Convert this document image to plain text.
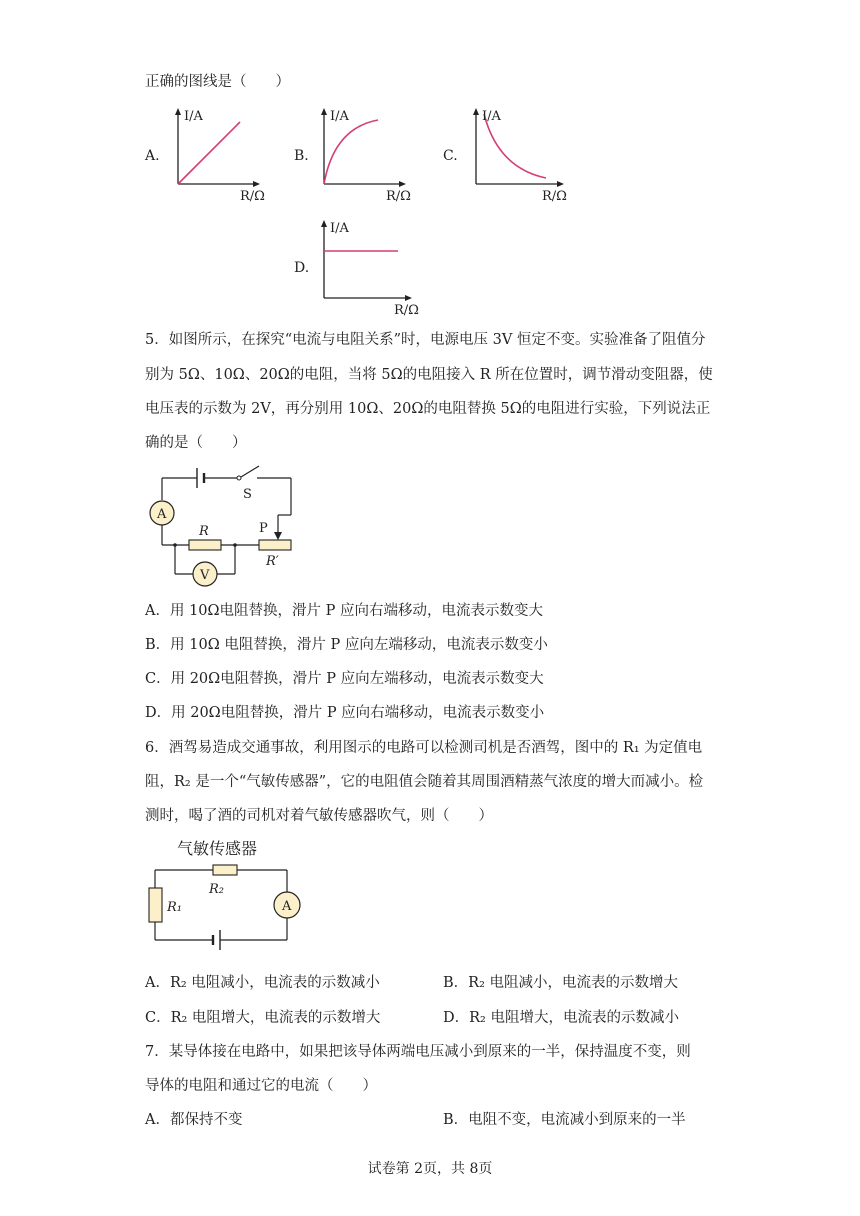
正确的图线是（　　）
A.
I/A
R/Ω
B.
I/A
R/Ω
C.
I/A
R/Ω
D.
I/A
R/Ω
5．如图所示，在探究“电流与电阻关系”时，电源电压 3V 恒定不变。实验准备了阻值分
别为 5Ω、10Ω、20Ω的电阻，当将 5Ω的电阻接入 R 所在位置时，调节滑动变阻器，使
电压表的示数为 2V，再分别用 10Ω、20Ω的电阻替换 5Ω的电阻进行实验，下列说法正
确的是（　　）
S
P
A
R
R′
V
A．用 10Ω电阻替换，滑片 P 应向右端移动，电流表示数变大
B．用 10Ω 电阻替换，滑片 P 应向左端移动，电流表示数变小
C．用 20Ω电阻替换，滑片 P 应向左端移动，电流表示数变大
D．用 20Ω电阻替换，滑片 P 应向右端移动，电流表示数变小
6．酒驾易造成交通事故，利用图示的电路可以检测司机是否酒驾，图中的 R₁ 为定值电
阻，R₂ 是一个“气敏传感器”，它的电阻值会随着其周围酒精蒸气浓度的增大而减小。检
测时，喝了酒的司机对着气敏传感器吹气，则（　　）
气敏传感器
R₂
R₁	A
A．R₂ 电阻减小，电流表的示数减小	B．R₂ 电阻减小，电流表的示数增大
C．R₂ 电阻增大，电流表的示数增大	D．R₂ 电阻增大，电流表的示数减小
7．某导体接在电路中，如果把该导体两端电压减小到原来的一半，保持温度不变，则
导体的电阻和通过它的电流（　　）
A．都保持不变	B．电阻不变，电流减小到原来的一半
试卷第 2页，共 8页
